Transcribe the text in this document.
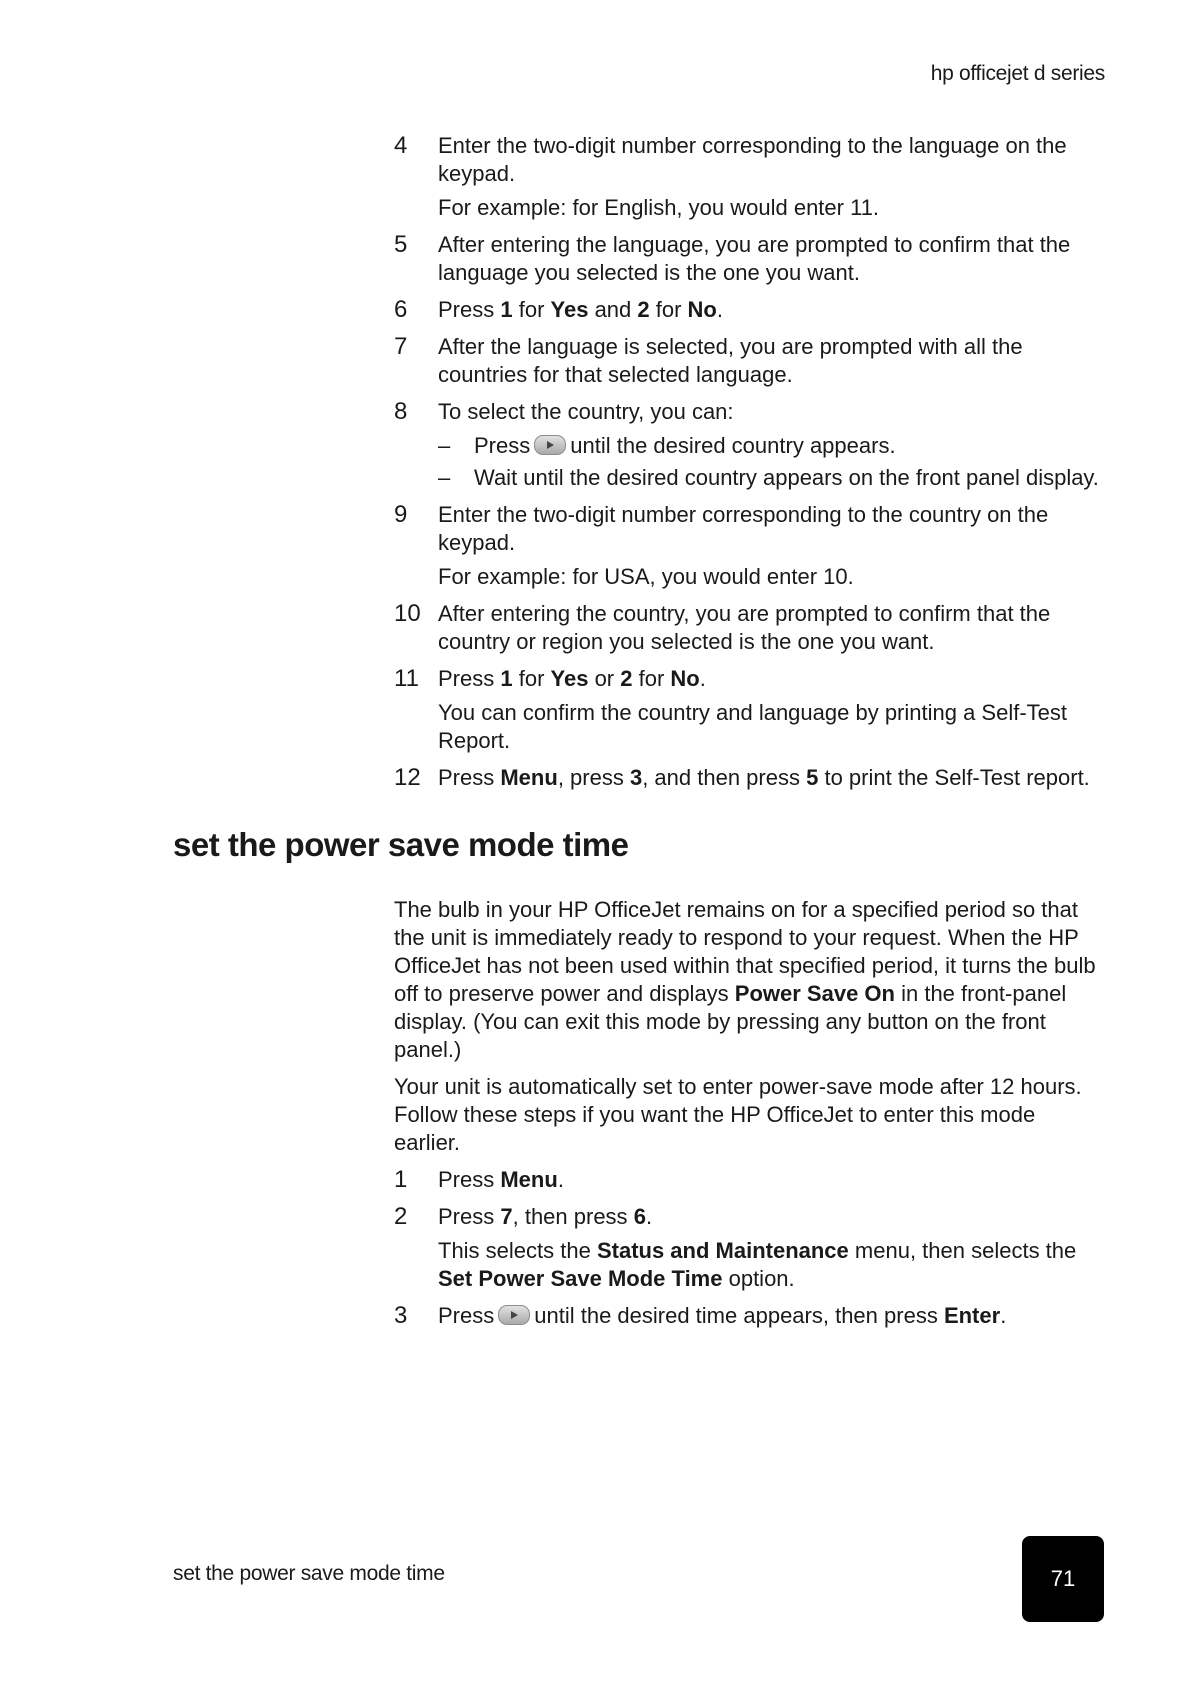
hp officejet d series
4	Enter the two-digit number corresponding to the language on the keypad.

For example: for English, you would enter 11.

5	After entering the language, you are prompted to confirm that the language you selected is the one you want.

6	Press 1 for Yes and 2 for No.

7	After the language is selected, you are prompted with all the countries for that selected language.

8	To select the country, you can:

– Press until the desired country appears.
– Wait until the desired country appears on the front panel display.
9	Enter the two-digit number corresponding to the country on the keypad.

For example: for USA, you would enter 10.

10 After entering the country, you are prompted to confirm that the country or region you selected is the one you want.

11 Press 1 for Yes or 2 for No.

You can confirm the country and language by printing a Self-Test Report.

12 Press Menu, press 3, and then press 5 to print the Self-Test report.

set the power save mode time

The bulb in your HP OfficeJet remains on for a specified period so that the unit is immediately ready to respond to your request. When the HP OfficeJet has not been used within that specified period, it turns the bulb off to preserve power and displays Power Save On in the front-panel display. (You can exit this mode by pressing any button on the front panel.)

Your unit is automatically set to enter power-save mode after 12 hours. Follow these steps if you want the HP OfficeJet to enter this mode earlier.

1	Press Menu.

2	Press 7, then press 6.

This selects the Status and Maintenance menu, then selects the Set Power Save Mode Time option.

3	Press until the desired time appears, then press Enter.

set the power save mode time	71
